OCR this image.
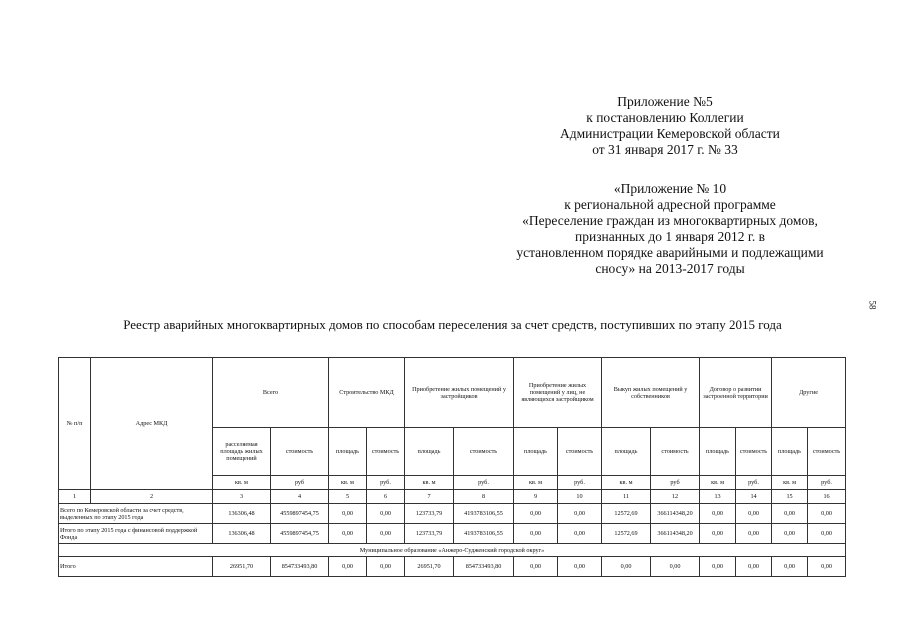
Приложение №5
к постановлению Коллегии
Администрации Кемеровской области
от 31 января 2017 г. № 33
«Приложение № 10
к региональной адресной программе
«Переселение граждан из многоквартирных домов,
признанных до 1 января 2012 г. в
установленном порядке аварийными и подлежащими
сносу» на 2013-2017 годы
58
Реестр аварийных многоквартирных домов по способам переселения за счет средств, поступивших по этапу 2015 года
№ п/п	Адрес МКД	Всего		Строительство МКД		Приобретение жилых помещений у застройщиков		Приобретение жилых помещений у лиц, не являющихся застройщиком		Выкуп жилых помещений у собственников		Договор о развитии застроенной территории		Другие	
		расселяемая площадь жилых помещений	стоимость	площадь	стоимость	площадь	стоимость	площадь	стоимость	площадь	стоимость	площадь	стоимость	площадь	стоимость
		кв. м	руб	кв. м	руб.	кв. м	руб.	кв. м	руб.	кв. м	руб	кв. м	руб.	кв. м	руб.
1	2	3	4	5	6	7	8	9	10	11	12	13	14	15	16
Всего по Кемеровской области за счет средств, выделенных по этапу 2015 года		136306,48	4559897454,75	0,00	0,00	123733,79	4193783106,55	0,00	0,00	12572,69	366114348,20	0,00	0,00	0,00	0,00
Итого по этапу 2015 года с финансовой поддержкой Фонда		136306,48	4559897454,75	0,00	0,00	123733,79	4193783106,55	0,00	0,00	12572,69	366114348,20	0,00	0,00	0,00	0,00
Муниципальное образование «Анжеро-Судженский городской округ»															
Итого		26951,70	854733493,80	0,00	0,00	26951,70	854733493,80	0,00	0,00	0,00	0,00	0,00	0,00	0,00	0,00
